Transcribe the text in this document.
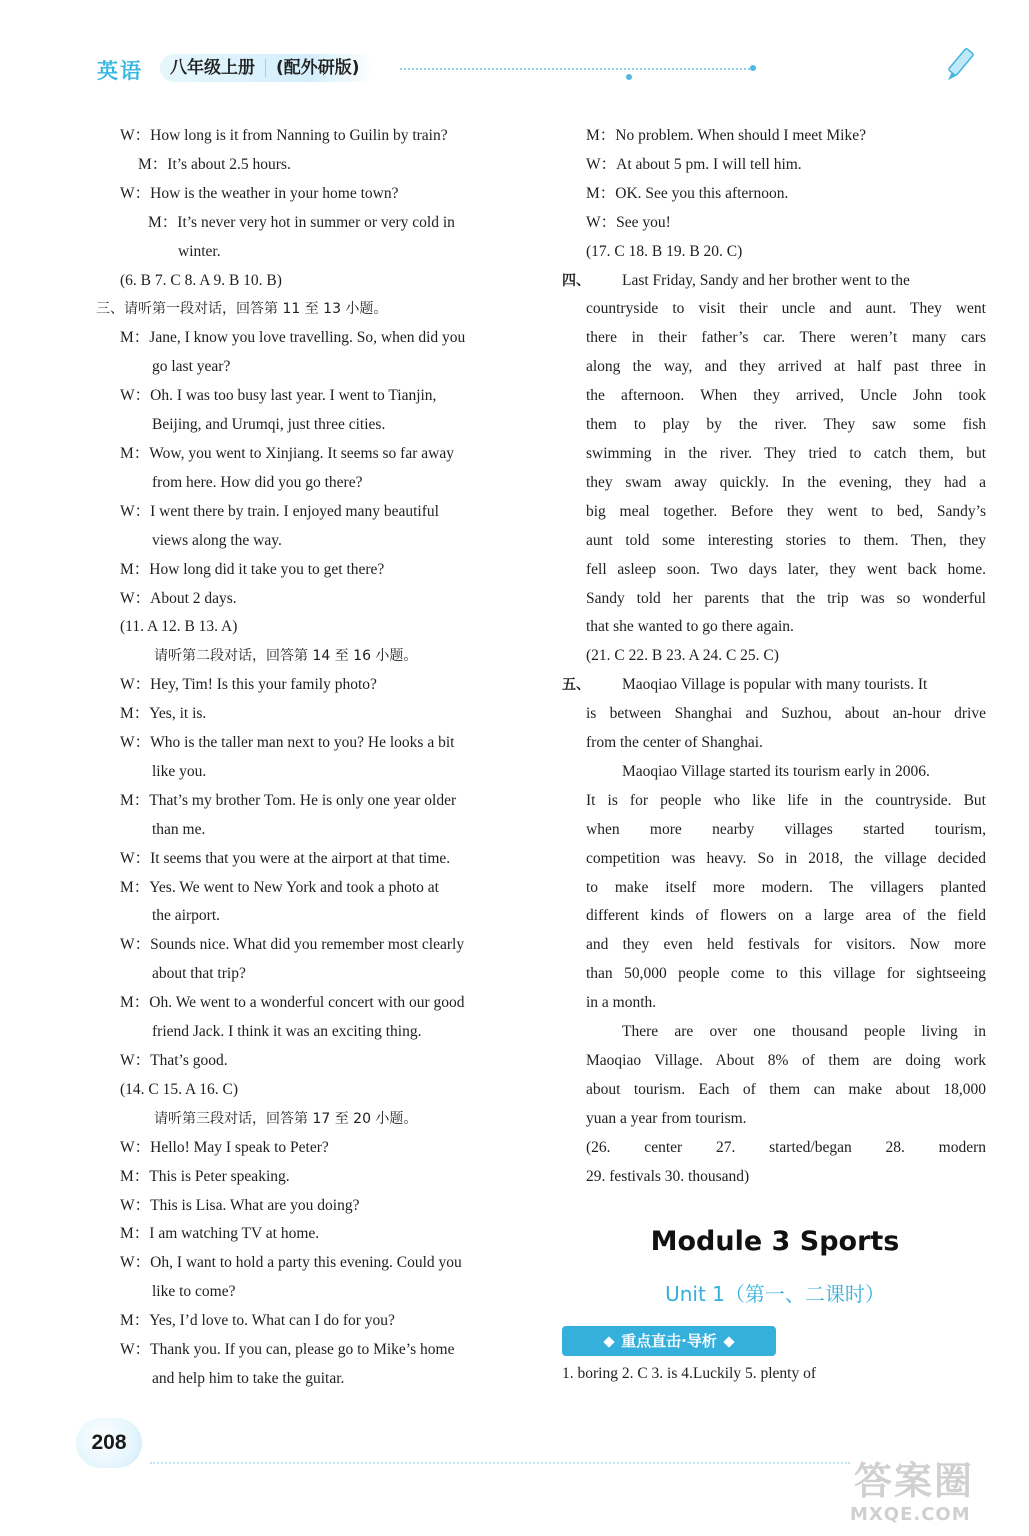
英语	八年级上册 (配外研版)

W：How long is it from Nanning to Guilin by train?

M：It’s about 2.5 hours.

W：How is the weather in your home town?

M：It’s never very hot in summer or very cold in

winter.

(6. B 7. C 8. A 9. B 10. B)

三、请听第一段对话，回答第 11 至 13 小题。

M：Jane, I know you love travelling. So, when did you

go last year?

W：Oh. I was too busy last year. I went to Tianjin,

Beijing, and Urumqi, just three cities.

M：Wow, you went to Xinjiang. It seems so far away

from here. How did you go there?

W：I went there by train. I enjoyed many beautiful

views along the way.

M：How long did it take you to get there?

W：About 2 days.

(11. A 12. B 13. A)

请听第二段对话，回答第 14 至 16 小题。

W：Hey, Tim! Is this your family photo?

M：Yes, it is.

W：Who is the taller man next to you? He looks a bit

like you.

M：That’s my brother Tom. He is only one year older

than me.

W：It seems that you were at the airport at that time.

M：Yes. We went to New York and took a photo at

the airport.

W：Sounds nice. What did you remember most clearly

about that trip?

M：Oh. We went to a wonderful concert with our good

friend Jack. I think it was an exciting thing.

W：That’s good.

(14. C 15. A 16. C)

请听第三段对话，回答第 17 至 20 小题。

W：Hello! May I speak to Peter?

M：This is Peter speaking.

W：This is Lisa. What are you doing?

M：I am watching TV at home.

W：Oh, I want to hold a party this evening. Could you

like to come?

M：Yes, I’d love to. What can I do for you?

W：Thank you. If you can, please go to Mike’s home

and help him to take the guitar.

M：No problem. When should I meet Mike?

W：At about 5 pm. I will tell him.

M：OK. See you this afternoon.

W：See you!

(17. C 18. B 19. B 20. C)

四、 Last Friday, Sandy and her brother went to the

countryside to visit their uncle and aunt. They went

there in their father’s car. There weren’t many cars

along the way, and they arrived at half past three in

the afternoon. When they arrived, Uncle John took

them to play by the river. They saw some fish

swimming in the river. They tried to catch them, but

they swam away quickly. In the evening, they had a

big meal together. Before they went to bed, Sandy’s

aunt told some interesting stories to them. Then, they

fell asleep soon. Two days later, they went back home.

Sandy told her parents that the trip was so wonderful

that she wanted to go there again.

(21. C 22. B 23. A 24. C 25. C)

五、 Maoqiao Village is popular with many tourists. It

is between Shanghai and Suzhou, about an-hour drive

from the center of Shanghai.

Maoqiao Village started its tourism early in 2006.

It is for people who like life in the countryside. But

when more nearby villages started tourism,

competition was heavy. So in 2018, the village decided

to make itself more modern. The villagers planted

different kinds of flowers on a large area of the field

and they even held festivals for visitors. Now more

than 50,000 people come to this village for sightseeing

in a month.

There are over one thousand people living in

Maoqiao Village. About 8% of them are doing work

about tourism. Each of them can make about 18,000

yuan a year from tourism.

(26. center 27. started/began 28. modern

29. festivals 30. thousand)

Module 3 Sports
Unit 1（第一、二课时）
重点直击·导析

1. boring 2. C 3. is 4.Luckily 5. plenty of

208
答案圈
MXQE.COM
